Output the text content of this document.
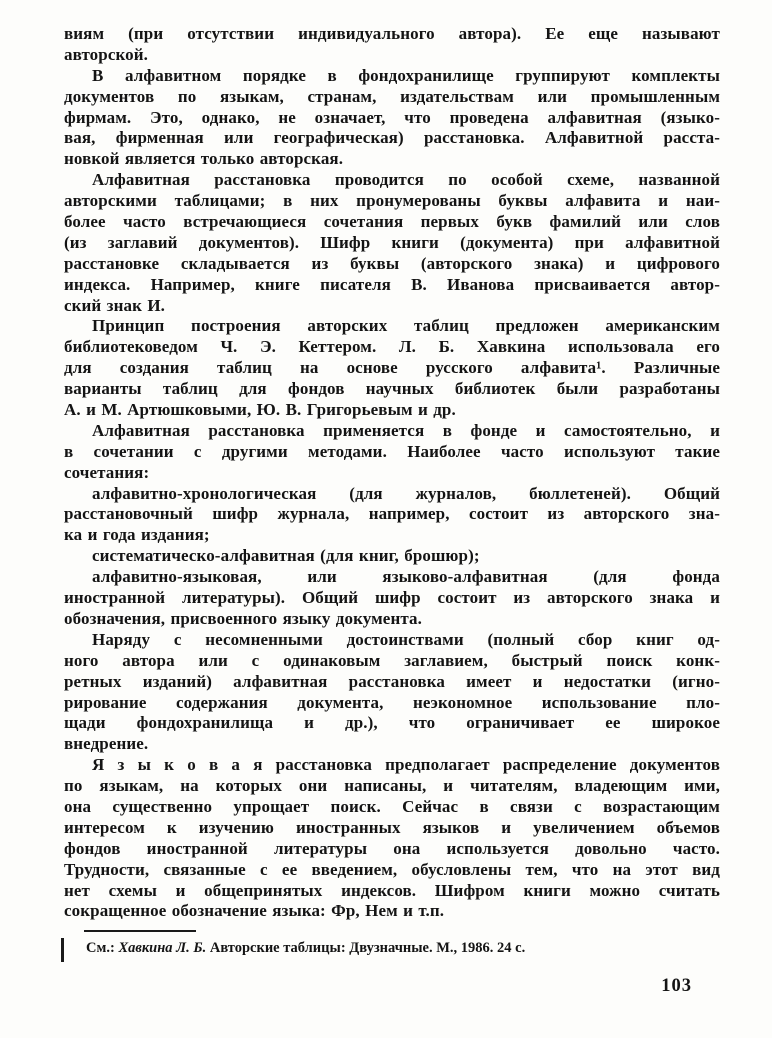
виям (при отсутствии индивидуального автора). Ее еще называют
авторской.

В алфавитном порядке в фондохранилище группируют комплекты
документов по языкам, странам, издательствам или промышленным
фирмам. Это, однако, не означает, что проведена алфавитная (языко-
вая, фирменная или географическая) расстановка. Алфавитной расста-
новкой является только авторская.

Алфавитная расстановка проводится по особой схеме, названной
авторскими таблицами; в них пронумерованы буквы алфавита и наи-
более часто встречающиеся сочетания первых букв фамилий или слов
(из заглавий документов). Шифр книги (документа) при алфавитной
расстановке складывается из буквы (авторского знака) и цифрового
индекса. Например, книге писателя В. Иванова присваивается автор-
ский знак И.

Принцип построения авторских таблиц предложен американским
библиотековедом Ч. Э. Кеттером. Л. Б. Хавкина использовала его
для создания таблиц на основе русского алфавита¹. Различные
варианты таблиц для фондов научных библиотек были разработаны
А. и М. Артюшковыми, Ю. В. Григорьевым и др.

Алфавитная расстановка применяется в фонде и самостоятельно, и
в сочетании с другими методами. Наиболее часто используют такие
сочетания:

алфавитно-хронологическая (для журналов, бюллетеней). Общий
расстановочный шифр журнала, например, состоит из авторского зна-
ка и года издания;

систематическо-алфавитная (для книг, брошюр);

алфавитно-языковая, или языково-алфавитная (для фонда
иностранной литературы). Общий шифр состоит из авторского знака и
обозначения, присвоенного языку документа.

Наряду с несомненными достоинствами (полный сбор книг од-
ного автора или с одинаковым заглавием, быстрый поиск конк-
ретных изданий) алфавитная расстановка имеет и недостатки (игно-
рирование содержания документа, неэкономное использование пло-
щади фондохранилища и др.), что ограничивает ее широкое
внедрение.

Я з ы к о в а я расстановка предполагает распределение документов
по языкам, на которых они написаны, и читателям, владеющим ими,
она существенно упрощает поиск. Сейчас в связи с возрастающим
интересом к изучению иностранных языков и увеличением объемов
фондов иностранной литературы она используется довольно часто.
Трудности, связанные с ее введением, обусловлены тем, что на этот вид
нет схемы и общепринятых индексов. Шифром книги можно считать
сокращенное обозначение языка: Фр, Нем и т.п.

См.: Хавкина Л. Б. Авторские таблицы: Двузначные. М., 1986. 24 с.

103
